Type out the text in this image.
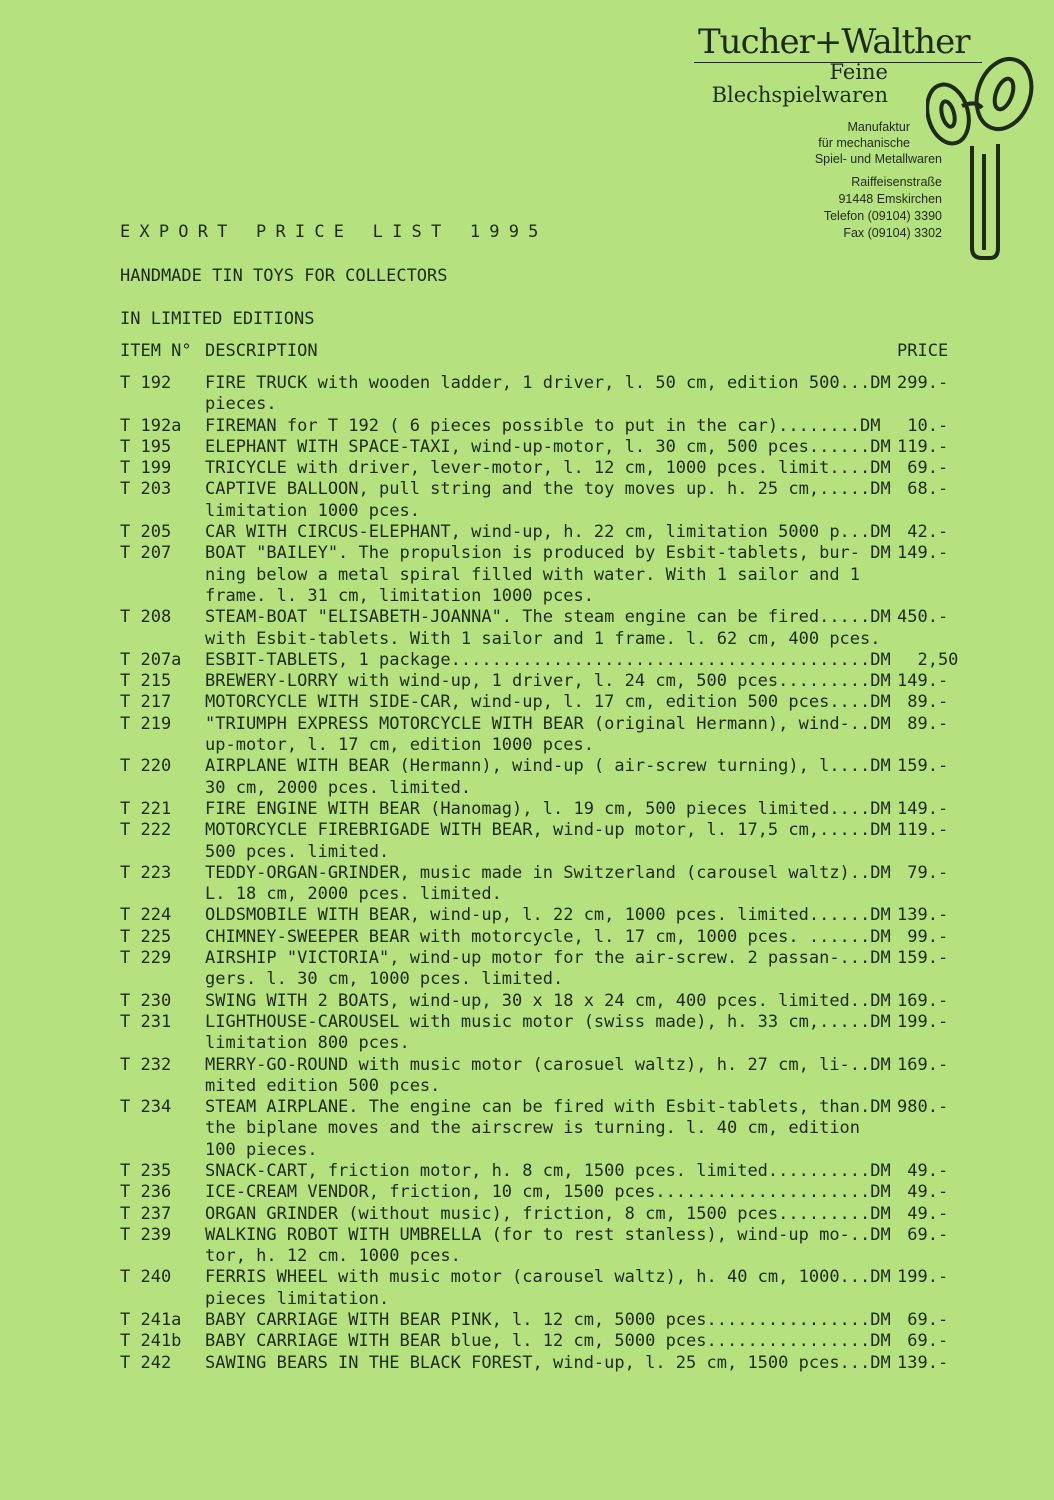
Tucher+Walther
Feine
Blechspielwaren
Manufaktur
für mechanische
Spiel- und Metallwaren
Raiffeisenstraße
91448 Emskirchen
Telefon (09104) 3390
Fax (09104) 3302
EXPORT PRICE LIST 1995
HANDMADE TIN TOYS FOR COLLECTORS
IN LIMITED EDITIONS
ITEM N° DESCRIPTION	PRICE
T 192 FIRE TRUCK with wooden ladder, 1 driver, l. 50 cm, edition 500...DM
pieces.
299.-
T 192a FIREMAN for T 192 ( 6 pieces possible to put in the car)........DM 10.-
T 195 ELEPHANT WITH SPACE-TAXI, wind-up-motor, l. 30 cm, 500 pces......DM 119.-
T 199 TRICYCLE with driver, lever-motor, l. 12 cm, 1000 pces. limit....DM 69.-
T 203 CAPTIVE BALLOON, pull string and the toy moves up. h. 25 cm,.....DM
limitation 1000 pces.
68.-
T 205 CAR WITH CIRCUS-ELEPHANT, wind-up, h. 22 cm, limitation 5000 p...DM 42.-
T 207 BOAT "BAILEY". The propulsion is produced by Esbit-tablets, bur- DM
ning below a metal spiral filled with water. With 1 sailor and 1
frame. l. 31 cm, limitation 1000 pces.
149.-
T 208 STEAM-BOAT "ELISABETH-JOANNA". The steam engine can be fired.....DM
with Esbit-tablets. With 1 sailor and 1 frame. l. 62 cm, 400 pces.
450.-
T 207a ESBIT-TABLETS, 1 package.........................................DM 2,50
T 215 BREWERY-LORRY with wind-up, 1 driver, l. 24 cm, 500 pces.........DM 149.-
T 217 MOTORCYCLE WITH SIDE-CAR, wind-up, l. 17 cm, edition 500 pces....DM 89.-
T 219 "TRIUMPH EXPRESS MOTORCYCLE WITH BEAR (original Hermann), wind-..DM
up-motor, l. 17 cm, edition 1000 pces.
89.-
T 220 AIRPLANE WITH BEAR (Hermann), wind-up ( air-screw turning), l....DM
30 cm, 2000 pces. limited.
159.-
T 221 FIRE ENGINE WITH BEAR (Hanomag), l. 19 cm, 500 pieces limited....DM 149.-
T 222 MOTORCYCLE FIREBRIGADE WITH BEAR, wind-up motor, l. 17,5 cm,.....DM
500 pces. limited.
119.-
T 223 TEDDY-ORGAN-GRINDER, music made in Switzerland (carousel waltz)..DM
L. 18 cm, 2000 pces. limited.
79.-
T 224 OLDSMOBILE WITH BEAR, wind-up, l. 22 cm, 1000 pces. limited......DM 139.-
T 225 CHIMNEY-SWEEPER BEAR with motorcycle, l. 17 cm, 1000 pces. ......DM 99.-
T 229 AIRSHIP "VICTORIA", wind-up motor for the air-screw. 2 passan-...DM
gers. l. 30 cm, 1000 pces. limited.
159.-
T 230 SWING WITH 2 BOATS, wind-up, 30 x 18 x 24 cm, 400 pces. limited..DM 169.-
T 231 LIGHTHOUSE-CAROUSEL with music motor (swiss made), h. 33 cm,.....DM
limitation 800 pces.
199.-
T 232 MERRY-GO-ROUND with music motor (carosuel waltz), h. 27 cm, li-..DM
mited edition 500 pces.
169.-
T 234 STEAM AIRPLANE. The engine can be fired with Esbit-tablets, than.DM
the biplane moves and the airscrew is turning. l. 40 cm, edition
100 pieces.
980.-
T 235 SNACK-CART, friction motor, h. 8 cm, 1500 pces. limited..........DM 49.-
T 236 ICE-CREAM VENDOR, friction, 10 cm, 1500 pces.....................DM 49.-
T 237 ORGAN GRINDER (without music), friction, 8 cm, 1500 pces.........DM 49.-
T 239 WALKING ROBOT WITH UMBRELLA (for to rest stanless), wind-up mo-..DM
tor, h. 12 cm. 1000 pces.
69.-
T 240 FERRIS WHEEL with music motor (carousel waltz), h. 40 cm, 1000...DM
pieces limitation.
199.-
T 241a BABY CARRIAGE WITH BEAR PINK, l. 12 cm, 5000 pces................DM 69.-
T 241b BABY CARRIAGE WITH BEAR blue, l. 12 cm, 5000 pces................DM 69.-
T 242 SAWING BEARS IN THE BLACK FOREST, wind-up, l. 25 cm, 1500 pces...DM 139.-
